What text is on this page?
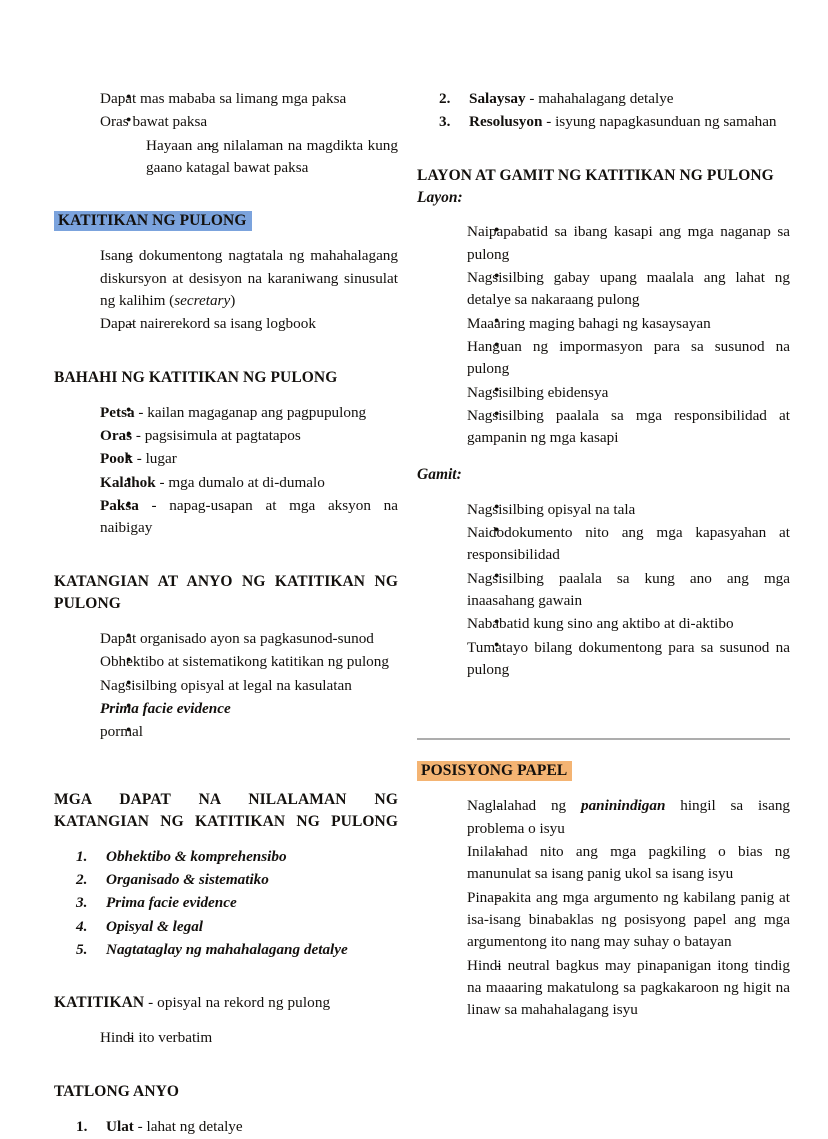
● Dapat mas mababa sa limang mga paksa
● Oras bawat paksa
- Hayaan ang nilalaman na magdikta kung gaano katagal bawat paksa

KATITIKAN NG PULONG

- Isang dokumentong nagtatala ng mahahalagang diskursyon at desisyon na karaniwang sinusulat ng kalihim (secretary)
- Dapat nairerekord sa isang logbook

BAHAHI NG KATITIKAN NG PULONG

● Petsa - kailan magaganap ang pagpupulong
● Oras - pagsisimula at pagtatapos
● Pook - lugar
● Kalahok - mga dumalo at di-dumalo
● Paksa - napag-usapan at mga aksyon na naibigay

KATANGIAN AT ANYO NG KATITIKAN NG PULONG

● Dapat organisado ayon sa pagkasunod-sunod
● Obhektibo at sistematikong katitikan ng pulong
● Nagsisilbing opisyal at legal na kasulatan
● Prima facie evidence
● pormal

MGA DAPAT NA NILALAMAN NG KATANGIAN NG KATITIKAN NG PULONG

Obhektibo & komprehensibo
Organisado & sistematiko
Prima facie evidence
Opisyal & legal
Nagtataglay ng mahahalagang detalye

KATITIKAN - opisyal na rekord ng pulong

- Hindi ito verbatim

TATLONG ANYO

Ulat - lahat ng detalye
Salaysay - mahahalagang detalye
Resolusyon - isyung napagkasunduan ng samahan

LAYON AT GAMIT NG KATITIKAN NG PULONG

Layon:

● Naipapabatid sa ibang kasapi ang mga naganap sa pulong
● Nagsisilbing gabay upang maalala ang lahat ng detalye sa nakaraang pulong
● Maaaring maging bahagi ng kasaysayan
● Hanguan ng impormasyon para sa susunod na pulong
● Nagsisilbing ebidensya
● Nagsisilbing paalala sa mga responsibilidad at gampanin ng mga kasapi

Gamit:

● Nagsisilbing opisyal na tala
● Naidodokumento nito ang mga kapasyahan at responsibilidad
● Nagsisilbing paalala sa kung ano ang mga inaasahang gawain
● Nababatid kung sino ang aktibo at di-aktibo
● Tumatayo bilang dokumentong para sa susunod na pulong

POSISYONG PAPEL

- Naglalahad ng paninindigan hingil sa isang problema o isyu
- Inilalahad nito ang mga pagkiling o bias ng manunulat sa isang panig ukol sa isang isyu
- Pinapakita ang mga argumento ng kabilang panig at isa-isang binabaklas ng posisyong papel ang mga argumentong ito nang may suhay o batayan
- Hindi neutral bagkus may pinapanigan itong tindig na maaaring makatulong sa pagkakaroon ng higit na linaw sa mahahalagang isyu
